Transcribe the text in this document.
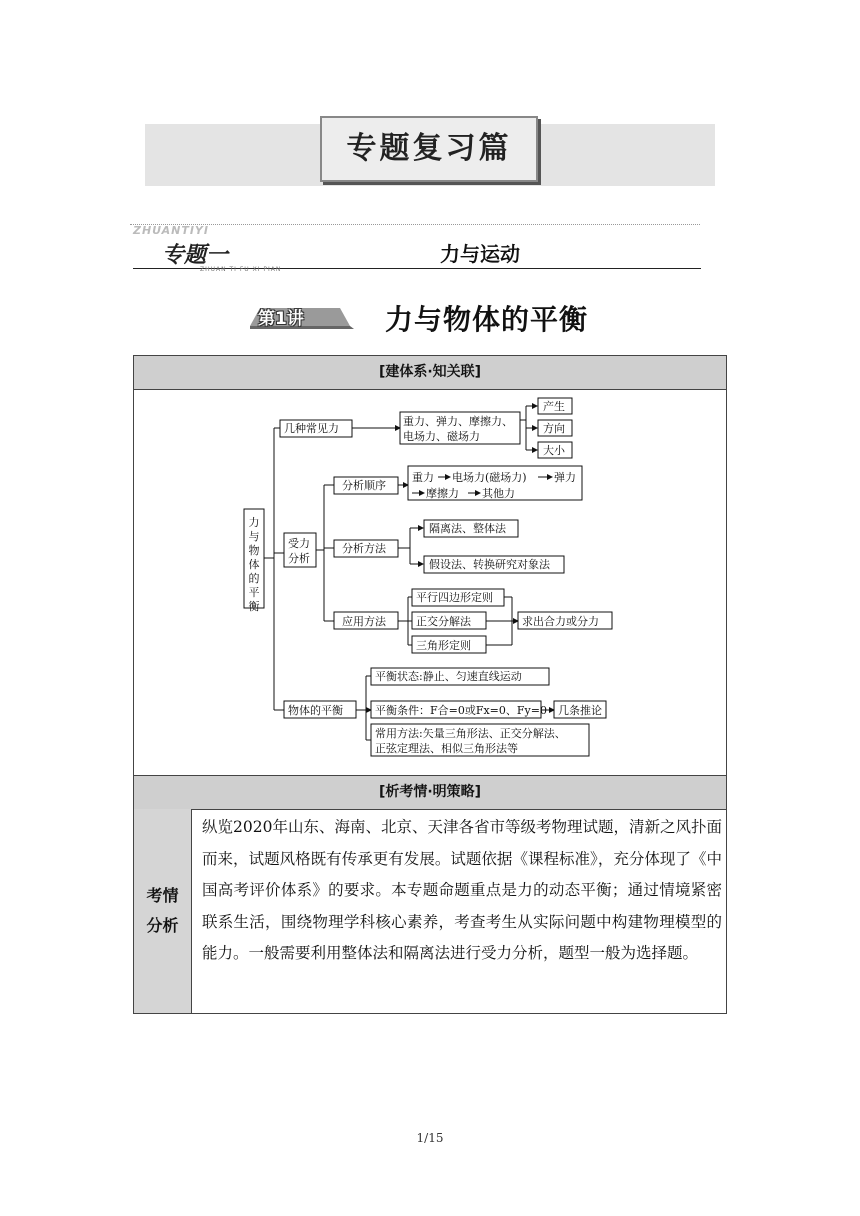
专题复习篇
ZHUANTIYI
专题一
ZHUAN TI FU XI PIAN
力与运动
第1讲	力与物体的平衡
[建体系·知关联]
力
与
物
体
的
平
衡
几种常见力
重力、弹力、摩擦力、
电场力、磁场力
产生
方向
大小
受力
分析
分析顺序
重力 电场力(磁场力) 弹力
摩擦力 其他力
分析方法
隔离法、整体法
假设法、转换研究对象法
应用方法
平行四边形定则
正交分解法
三角形定则
求出合力或分力
物体的平衡
平衡状态:静止、匀速直线运动
平衡条件：F合=0或Fx=0、Fy=0 几条推论
常用方法:矢量三角形法、正交分解法、
正弦定理法、相似三角形法等
[析考情·明策略]
考情分析
纵览2020年山东、海南、北京、天津各省市等级考物理试题，清新之风扑面而来，试题风格既有传承更有发展。试题依据《课程标准》，充分体现了《中国高考评价体系》的要求。本专题命题重点是力的动态平衡；通过情境紧密联系生活，围绕物理学科核心素养，考查考生从实际问题中构建物理模型的能力。一般需要利用整体法和隔离法进行受力分析，题型一般为选择题。
1/15
